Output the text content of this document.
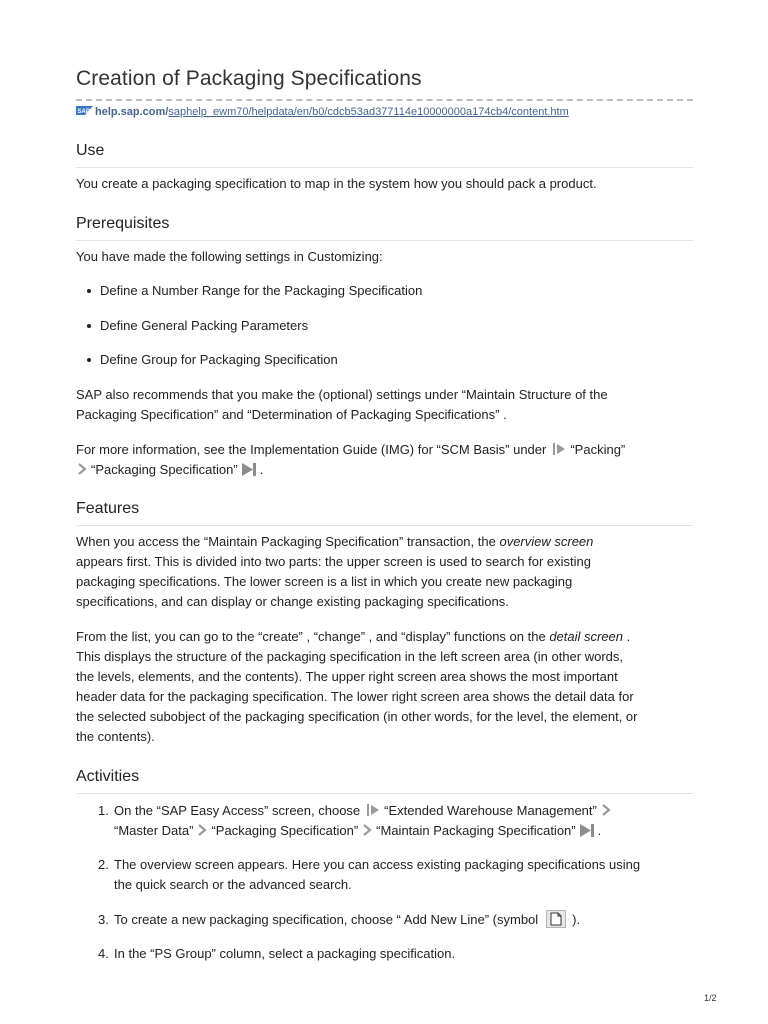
Creation of Packaging Specifications
SAP help.sap.com/saphelp_ewm70/helpdata/en/b0/cdcb53ad377114e10000000a174cb4/content.htm
Use

You create a packaging specification to map in the system how you should pack a product.

Prerequisites

You have made the following settings in Customizing:

Define a Number Range for the Packaging Specification
Define General Packing Parameters
Define Group for Packaging Specification

SAP also recommends that you make the (optional) settings under “Maintain Structure of the
Packaging Specification” and “Determination of Packaging Specifications” .

For more information, see the Implementation Guide (IMG) for “SCM Basis” under “Packing”
“Packaging Specification” .

Features

When you access the “Maintain Packaging Specification” transaction, the overview screen
appears first. This is divided into two parts: the upper screen is used to search for existing
packaging specifications. The lower screen is a list in which you create new packaging
specifications, and can display or change existing packaging specifications.

From the list, you can go to the “create” , “change” , and “display” functions on the detail screen .
This displays the structure of the packaging specification in the left screen area (in other words,
the levels, elements, and the contents). The upper right screen area shows the most important
header data for the packaging specification. The lower right screen area shows the detail data for
the selected subobject of the packaging specification (in other words, for the level, the element, or
the contents).

Activities
1. On the “SAP Easy Access” screen, choose “Extended Warehouse Management”
“Master Data” “Packaging Specification” “Maintain Packaging Specification” .
2. The overview screen appears. Here you can access existing packaging specifications using
the quick search or the advanced search.
3. To create a new packaging specification, choose “ Add New Line” (symbol	).
4. In the “PS Group” column, select a packaging specification.
1/2
